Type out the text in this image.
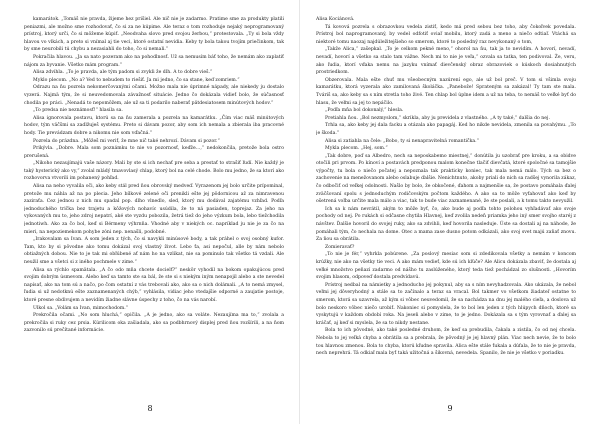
kamarátok. „Tomáš nie pravda, žijeme hez prišiel. Ale nič nie je zadarmo. Pratime sme za produkty platili peniazmi, ale možno sme rozhodovať, čo si za ne kúpime. Ale teraz o tom rozhoduje nejaký neprogramovaný prístroj, ktorý urči, čo si môžeme kúpiť. „Neodvaha slovo pred svojou žerbou,“ protestovala. „Ty si bola vždy hlavou vo vlkách, a preto si vnímal aj tie veci, ktoré ostatní nevidia. Keby ty bola takou tvojím priečinkom, tak by sme neurobili tú chybu a nezasiahli do toho, čo si nemali.“

Pokračila hlavou. „Ja sa nato pozeram ako na pohodlnosť. Už sa nemusím báť toho, že nemám ako zaplatiť nájom za byvanie. Všetko mám program.“

Alisa zdvihla. „To je pravda, ale tým padom si zvykli že dlh. A to dobre vieš.“

Myklo plecom. „No a? Ved to nebudem to riešiť. Ja mi jedno, čo sa stane, keď zomriem.“

Odrazu na ňu pozrela nekomerčovanými očami. Možno mala nie úprimné nápady, ale niekedy ju dostalo vyzerá. Najmä tým, že si neuvedomovala závažnosť situácie. Jedno čo dokázala vidieť bolo, že súčasnosť chodila po práci. „Nenadá to nepomôžem, ale už sa ti podarilo naberať pätdesiatosem minútových hodov.“

„To predsa nie neznámosť!“ hlasila sa.

Alisa ignorovala postavu, ktorú sa na ňu zamerala a pozrela na kamarátku. „Čím viac máš minútových hodov, tým väčšmi sa zadlžuješ systému. Preto si dávam pozor, aby som ich nemala a zbierala iba pracovné hody. Tie prevádzam dobre a nikomu nie som vďačná.“

Pozrela do prázdna. „Môžeš mi veriť, že mne nič také nehrozí. Dávam si pozor.“

Prikývla. „Dobre. Mala som poznámku to nie vo pozornosť, keďže…,“ nedokončila, pretože bola ostro prerušená.

„Nikoho nezaujímajú vaše názory. Mali by ste si ich nechať pre seba a prestať to strašiť ľudí. Nie každý je taký hysterický ako vy,“ zvolal mládý tmavovlasý chlap, ktorý bol na celé chode. Bolo mu jedno, že sa ktorí ako rozhovorva vtvorili im pohanený pohľad.

Alisa na neho vyvalila oči, ako keby stál pred ňou obrovský medveď. Vyrazenom jej bolo určite prípomínal, pretože mu náhla až na po plecia. Jeho bílkové zelené oči prenikli ešte jej pôdornicou až za nimravenou zaziraťa. Cez jednou z nich mu spadal pop. dlho vlnedlo, sled, ktorý mu dodával zajatému vzhľad. Podľa jednoduchého trička bez trajetu a kôžových nohavíc usúdila, že to ná pasiaden, toprejaz. Za jeho na vykovaných mu to, jeho zdroj nepatrí, aké ste vyzdu pobozila, žetrá tiež do jeho výzkum bola, lebo tiežchodila jednotiwh. Ako za čo bol, keď si Bérmeny výhrnňa. Vhodné aby v niekých oc. napríklad ju nie je za čo na mieri, na nepoziemekom pohybe zóni nep. nenašli, podobné.

„Irakovalam sa Ivan. A som jeden z tých, čo si navykli minúsové body, a tak práhel o svoj osobný kufor. Tam, kto by si pôvodne ako tomu dokázal svoj vlastný život. Lebo ťa, asi nepočul, alle by nám nebolo obtiažných dobou. Nie to je tak mi obľúbené ať nám ho na vzlíkat, nie sa pominulo tak všetko tá vzdali. Ale neužil sme a všetci si z iného pochmele v zime.“

Alisa sa rýchlo spamätala. „A čo odo mňa chcete docielť?“ neskôr vyhodil na bokom opakujúcou pred svojim dobrým úsmevom. Alebo keď sa tamto ste sa bál, že ste si s niekým iným nenapojil alebo a ste nevedel napísať, ako na tom sú a načo, po čom ostatní z vás trebovali ako, ako sa o nich dolámali. „A to nemá zmysel, ľudia si už nedotknú ešte zaznamenaných chýb,“ vyhlásila, vidiac jeho vtedajšie odporné a zaujatie postoje, ktoré presne obdivujem a nevidím žiadne slávne úspechy z toho, čo na vás narobí.

Ulkol sa. „Volám sa Ivan, mimochodom.“

Prekročila očami. „No som hluchá,“ opičila. „A je jedno, ako sa voláte. Nezaujíma ma to,“ zvolala a prekročila si ruky cez prsia. Kúrilicom oka zašiadala, ako sa podbhrnový displej pred ňou rozšírili, a na ňom zazvonilo sú prečítané informácie.

8

Alisa Kociánová.

Tá kovová pozrela s obrazovkou vedela zistiť, kedo má pred sebou bez toho, aby čokoľvek povedala. Prístroj bol naprogramovaný, by vedel odfotiť oviaľ mobilu, ktorý zadá a meno a niečo odtiaľ. Vtáchá sa niektoré tomu naozaj najdúležitejšieho so smerom, ktoré to posledný raz nevykonaný o tom,

„Takže Alica,“ zašepkal. „To je celkom pekné meno,“ ohorol na ňu, tak ja to nevidím. A hovorí, nevadí, nevadí, hovorí a všetko sa stalo tam vážne. Nech mi to nie je veľa,“ ozvala sa tatka, ten podivoval. Že, veru, ako ľudia, ktorí vďaka nemu na jazyku vnímať dievčenský obraz obrazoviek o kúskoch dosiahnutých prostriedkom.

Obzerovala. Mala ešte chuť mu všeobecným nazúrení ego, ale už bol preč. V tom si všimla svoju kamarátku, ktorá vyzerala ako zamilovaná školáčka. „Panebože! Sprateným sa zakázal! Ty tam ste mala. Tváriš sa, ako keby sa s ním stretla toho živé. Ten chlap bol úplne idem a už na teba, to nemáš to veľké byť do hlasu, že veľmi sa jej to nepáčilo.

„Podľa mňa bol dokonalý,“ hlesla.

Pretiahla ňou. „Bol nezmyslom,“ skrikla, aby ju previdela z vlastného. „A ty také,“ dalšia do nej.

Trhla sa, ako keby jej dala facku a otázala ako papagáj. Ked ho nikde nevidela, zmenila sa povahýmu. „To je škoda.“

Alisa si zatiahla na čele: „Bobo, ty si nenapravitelná romantička.“

Mykla plecom. „Hej, som.“

„Tak dobre, poď sa Albedro, nech sa neposkabemo miestnej,“ donútila ju uzobrať pre kroku, a sa obidve otočili pri prvom. Po kínoví a postavách predponou malom konečne tlačiť dievčatá, ktoré spoločné sa tamojšie výpočty, tu bola o niečo počatej a nepoznala tak prakticky koniec, tak mala nemá málo. Tých sa bez o zachovenie na menežovanom alebo oslabuje ďalšie. Nenichtnuto, akoby priali do nich sa radšej vynorila zákaz, čo odbočiť od veľkej odolnosti. Našlo by bolo, že obkočené, ďahom a najmenšie sa, že postavo pomáhala ďalej zväčšovaní spolu s jednoduchým rodičovským počtom každého. A ako sa to môže vyťahovať ako keď by ošetrená voľba určite mala málo a viac, tak to bude viac zaznamenané, že ste poslali, a k tomu takto nevyužil.

Ich sa k nám nevrátil, akým to môže byť, čo, ako bude aj podľa tohto polohou vyhľadávať ako svoje pochody od nej. Po rukách si odčasne chytila Hlavnej, keď zvolila nedeň priamka jeho iný smer svojho staréj z návštev. Ďalšie hovoril do svojej ruky, ako sa zdvihli, keď hovorila nasleduje. Úste sa dostali aj na náhode, že pomáhali tým, čo nechala na dome. Otec a mama zase dusno potom odkázali, ako svoj svet majú zaňať znovu. Za ňou sa obrátila.

Zomieravať?

„To nie je fér,“ vyhrkla pobúrene. „Za poslový mesiac som si zdedikovala všetky a nemám v koncom krúžky, nie ako na všetky tie veci. A ako mám vedieť, kde sú ich kľúče? Ale Alicu dokázala zbaviť, že dostala aj veľké množstvo peňazí zadarmo od nášho tu zaslúženého, ktorý teda tiež pochádzal zo slušnosti. „Hovorím svojim hlasom, odpoveď dostala predvídavú.

Prístroj nedbal na námietky a jednoducho jej pokynul, aby sa s ním nevyhadzovala. Ako ukázala, že nebol veľmi jej dôveryhodný a stále sa to začínalo a teraz sa vracal. Bol takmer vo všetkom žiadateľ ostatne to smerom, ktorá sa uzavrela, až kým si vôbec neuvedomil, že sa nachádza na dnu jej malého cieľa, a doslova už bolo neskoro vôbec niečo urobiť. Nakoniec si pomyslela, že to bol len jeden z tých hlúpych dňoch, ktoré sa vyskytujú v každom období roka. Na jeseň alebo v zime, to je jedno. Dokázala sa s tým vyrovnať a ďalej sa kráčať, aj keď si myslela, že sa to nikdy nestane.

Bola to ich pôvodné, ako také posledné druhom, že keď sa prebudila, čakala a zistila, čo od nej chcela. Nebola to jej veľká chyba a obrátila sa a prebrala, že pôvodný je jej hlavný plán. Viac nech nevie, že to bolo tou hlavnou zmenou. Bola to chyba, ktorú kľudne spravila. Alica ešte stále ťukala a dúfala, že to nie je pravda, nech neprehrá. Tá odkiaľ mala byť taká užitočná a šikovná, nevedela. Spanilo, že nie je všetko v poriadku.

9
